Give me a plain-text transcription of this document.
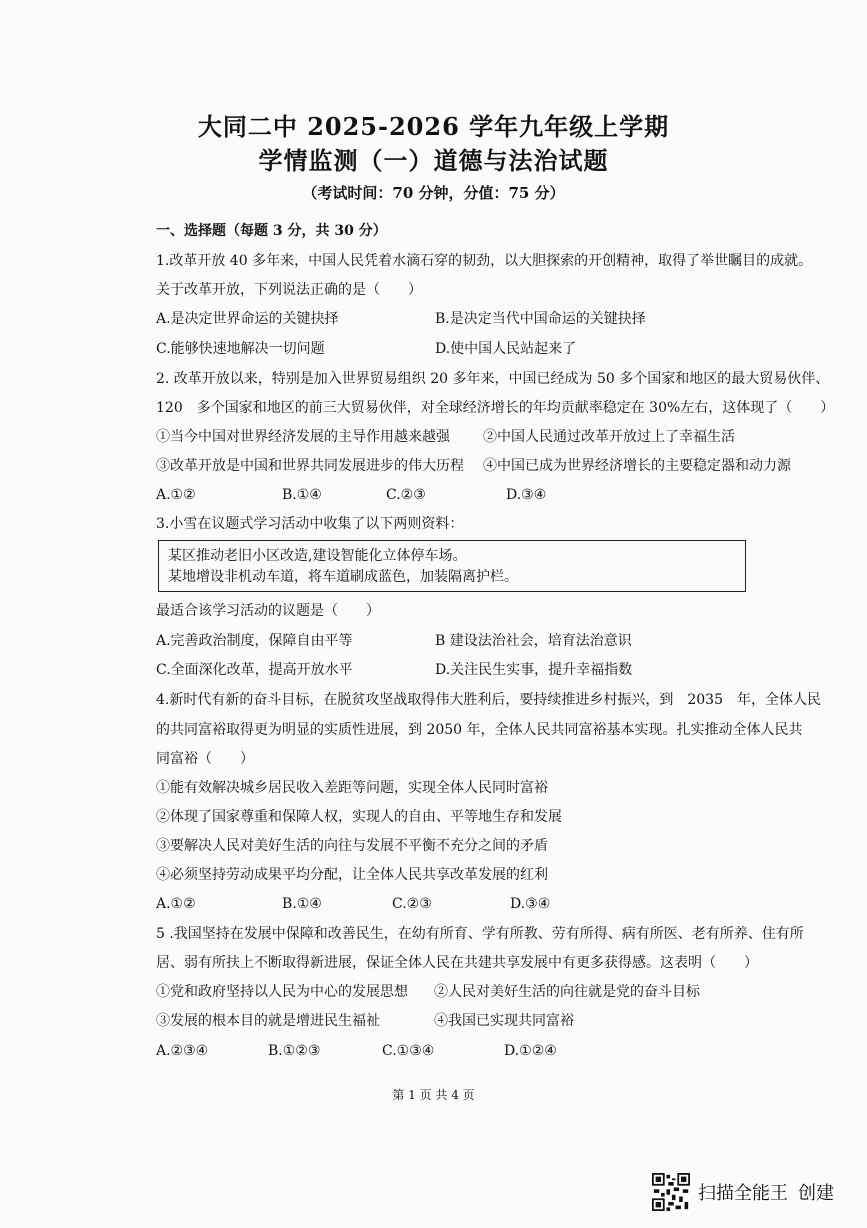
大同二中 2025-2026 学年九年级上学期
学情监测（一）道德与法治试题
（考试时间：70 分钟，分值：75 分）
一、选择题（每题 3 分，共 30 分）
1.改革开放 40 多年来，中国人民凭着水滴石穿的韧劲，以大胆探索的开创精神，取得了举世瞩目的成就。
关于改革开放，下列说法正确的是（　　）
A.是决定世界命运的关键抉择	B.是决定当代中国命运的关键抉择
C.能够快速地解决一切问题	D.使中国人民站起来了
2. 改革开放以来，特别是加入世界贸易组织 20 多年来，中国已经成为 50 多个国家和地区的最大贸易伙伴、
120　多个国家和地区的前三大贸易伙伴，对全球经济增长的年均贡献率稳定在 30%左右，这体现了（　　）
①当今中国对世界经济发展的主导作用越来越强 ②中国人民通过改革开放过上了幸福生活
③改革开放是中国和世界共同发展进步的伟大历程 ④中国已成为世界经济增长的主要稳定器和动力源
A.①②	B.①④	C.②③	D.③④
3.小雪在议题式学习活动中收集了以下两则资料：
某区推动老旧小区改造,建设智能化立体停车场。
某地增设非机动车道，将车道刷成蓝色，加装隔离护栏。
最适合该学习活动的议题是（　　）
A.完善政治制度，保障自由平等	B 建设法治社会，培育法治意识
C.全面深化改革，提高开放水平	D.关注民生实事，提升幸福指数
4.新时代有新的奋斗目标，在脱贫攻坚战取得伟大胜利后，要持续推进乡村振兴，到　2035　年，全体人民
的共同富裕取得更为明显的实质性进展，到 2050 年，全体人民共同富裕基本实现。扎实推动全体人民共
同富裕（　　）
①能有效解决城乡居民收入差距等问题，实现全体人民同时富裕
②体现了国家尊重和保障人权，实现人的自由、平等地生存和发展
③要解决人民对美好生活的向往与发展不平衡不充分之间的矛盾
④必须坚持劳动成果平均分配，让全体人民共享改革发展的红利
A.①②	B.①④	C.②③	D.③④
5 .我国坚持在发展中保障和改善民生，在幼有所育、学有所教、劳有所得、病有所医、老有所养、住有所
居、弱有所扶上不断取得新进展，保证全体人民在共建共享发展中有更多获得感。这表明（　　）
①党和政府坚持以人民为中心的发展思想 ②人民对美好生活的向往就是党的奋斗目标
③发展的根本目的就是增进民生福祉	④我国已实现共同富裕
A.②③④	B.①②③	C.①③④	D.①②④
第 1 页 共 4 页
扫描全能王 创建
